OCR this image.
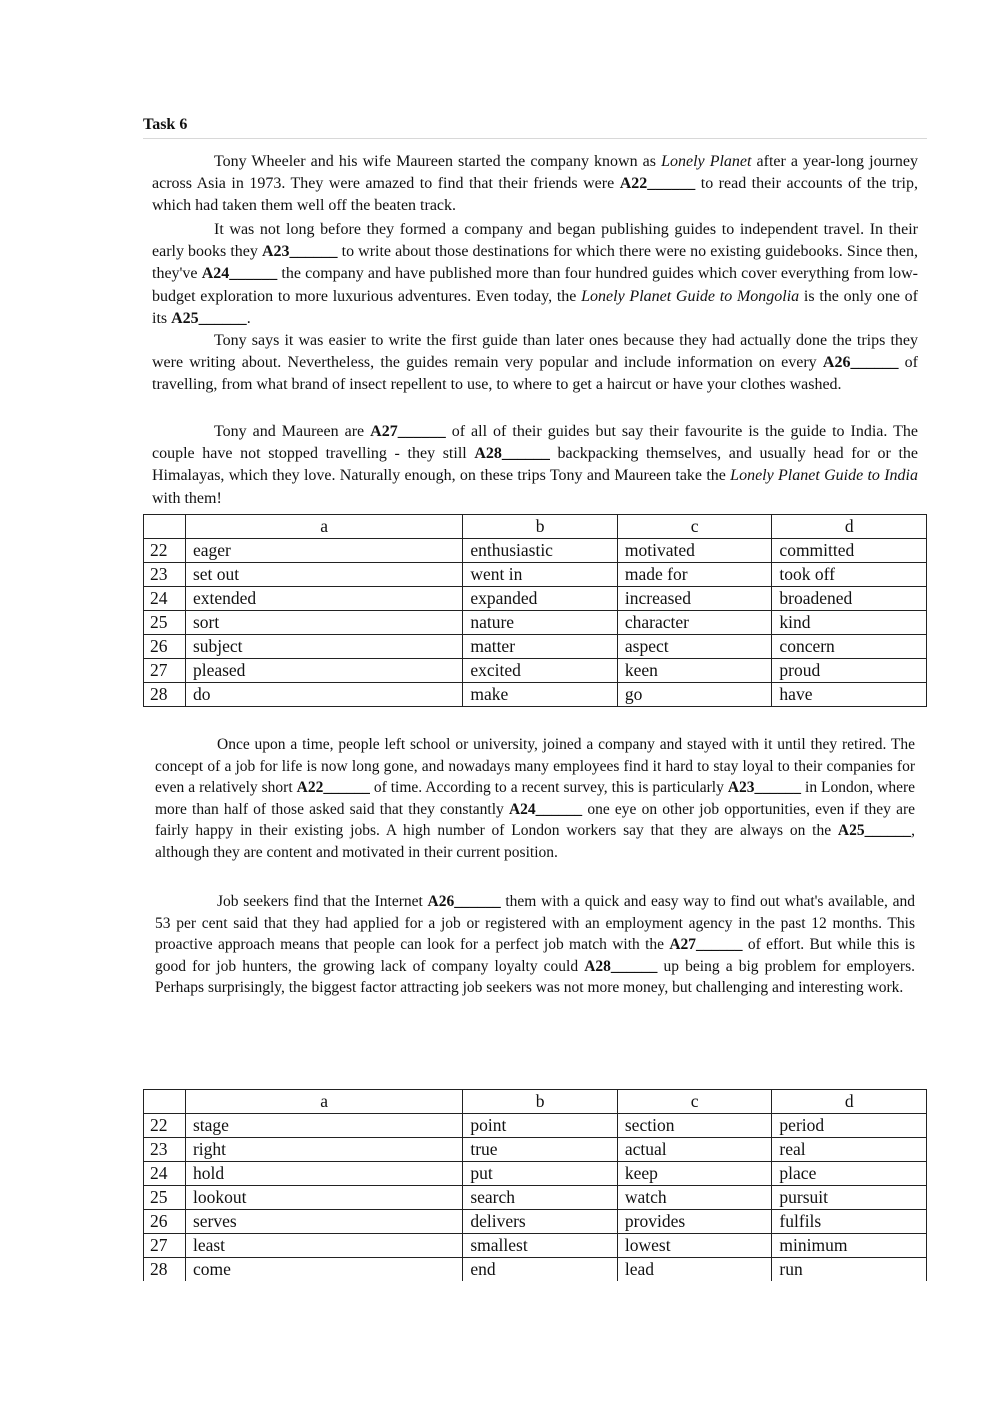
Task 6

Tony Wheeler and his wife Maureen started the company known as Lonely Planet after a year-long journey across Asia in 1973. They were amazed to find that their friends were A22______ to read their accounts of the trip, which had taken them well off the beaten track.

It was not long before they formed a company and began publishing guides to independent travel. In their early books they A23______ to write about those destinations for which there were no existing guidebooks. Since then, they've A24______ the company and have published more than four hundred guides which cover everything from low-budget exploration to more luxurious adventures. Even today, the Lonely Planet Guide to Mongolia is the only one of its A25______.

Tony says it was easier to write the first guide than later ones because they had actually done the trips they were writing about. Nevertheless, the guides remain very popular and include information on every A26______ of travelling, from what brand of insect repellent to use, to where to get a haircut or have your clothes washed.

Tony and Maureen are A27______ of all of their guides but say their favourite is the guide to India. The couple have not stopped travelling - they still A28______ backpacking themselves, and usually head for or the Himalayas, which they love. Naturally enough, on these trips Tony and Maureen take the Lonely Planet Guide to India with them!

	a	b	c	d
22	eager	enthusiastic	motivated	committed
23	set out	went in	made for	took off
24	extended	expanded	increased	broadened
25	sort	nature	character	kind
26	subject	matter	aspect	concern
27	pleased	excited	keen	proud
28	do	make	go	have

Once upon a time, people left school or university, joined a company and stayed with it until they retired. The concept of a job for life is now long gone, and nowadays many employees find it hard to stay loyal to their companies for even a relatively short A22______ of time. According to a recent survey, this is particularly A23______ in London, where more than half of those asked said that they constantly A24______ one eye on other job opportunities, even if they are fairly happy in their existing jobs. A high number of London workers say that they are always on the A25______, although they are content and motivated in their current position.

Job seekers find that the Internet A26______ them with a quick and easy way to find out what's available, and 53 per cent said that they had applied for a job or registered with an employment agency in the past 12 months. This proactive approach means that people can look for a perfect job match with the A27______ of effort. But while this is good for job hunters, the growing lack of company loyalty could A28______ up being a big problem for employers. Perhaps surprisingly, the biggest factor attracting job seekers was not more money, but challenging and interesting work.

	a	b	c	d
22	stage	point	section	period
23	right	true	actual	real
24	hold	put	keep	place
25	lookout	search	watch	pursuit
26	serves	delivers	provides	fulfils
27	least	smallest	lowest	minimum
28	come	end	lead	run
